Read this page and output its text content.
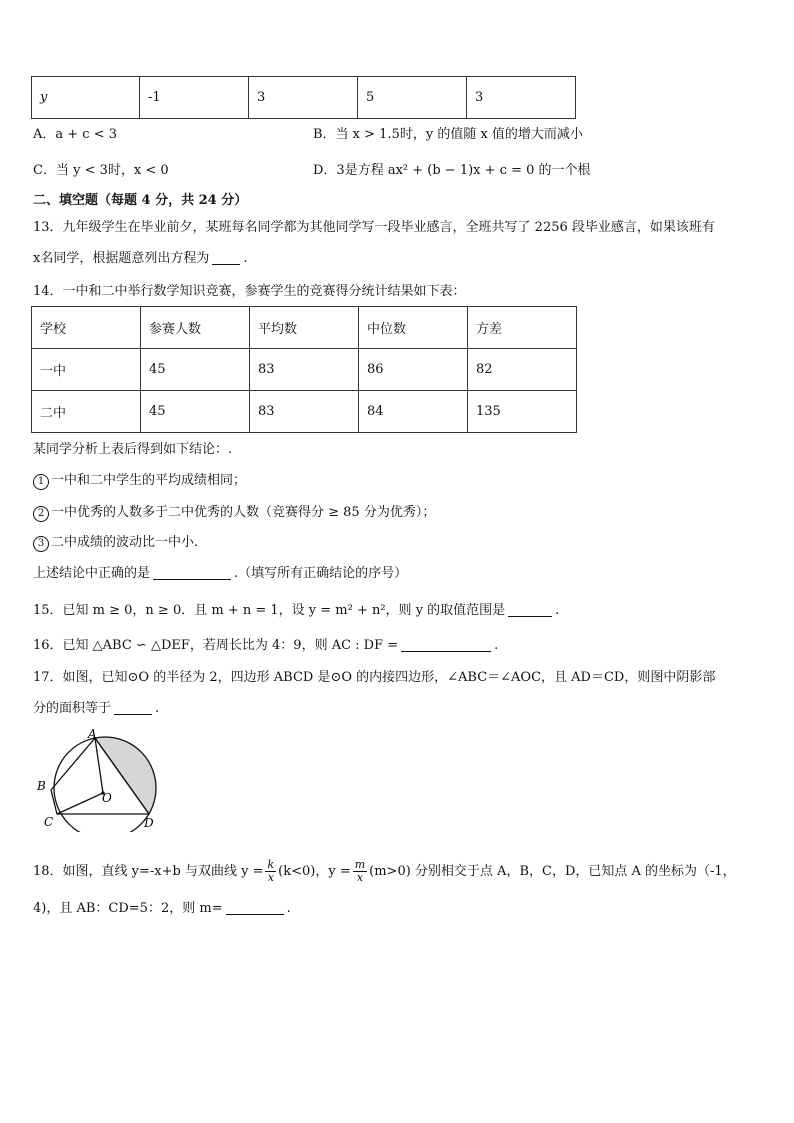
y	-1	3	5	3
A．a + c < 3	B．当 x > 1.5时，y 的值随 x 值的增大而减小
C．当 y < 3时，x < 0	D．3是方程 ax² + (b − 1)x + c = 0 的一个根
二、填空题（每题 4 分，共 24 分）
13．九年级学生在毕业前夕，某班每名同学都为其他同学写一段毕业感言，全班共写了 2256 段毕业感言，如果该班有
x名同学，根据题意列出方程为	.
14．一中和二中举行数学知识竞赛，参赛学生的竞赛得分统计结果如下表：
学校	参赛人数	平均数	中位数	方差
一中	45	83	86	82
二中	45	83	84	135
某同学分析上表后得到如下结论：.
1 一中和二中学生的平均成绩相同；
2 一中优秀的人数多于二中优秀的人数（竞赛得分 ≥ 85 分为优秀）；
3 二中成绩的波动比一中小.
上述结论中正确的是	.（填写所有正确结论的序号）
15．已知 m ≥ 0，n ≥ 0．且 m + n = 1，设 y = m² + n²，则 y 的取值范围是	.
16．已知 △ABC ∽ △DEF，若周长比为 4：9，则 AC : DF =	.
17．如图，已知⊙O 的半径为 2，四边形 ABCD 是⊙O 的内接四边形，∠ABC＝∠AOC，且 AD＝CD，则图中阴影部
分的面积等于	.
A
B
C	D
O
18．如图，直线 y=-x+b 与双曲线 $y = \frac{k}{x} (k<0)$，$y = \frac{m}{x} (m>0)$ 分别相交于点 A，B，C，D，已知点 A 的坐标为（-1，
4)，且 AB：CD=5：2，则 m=	.
